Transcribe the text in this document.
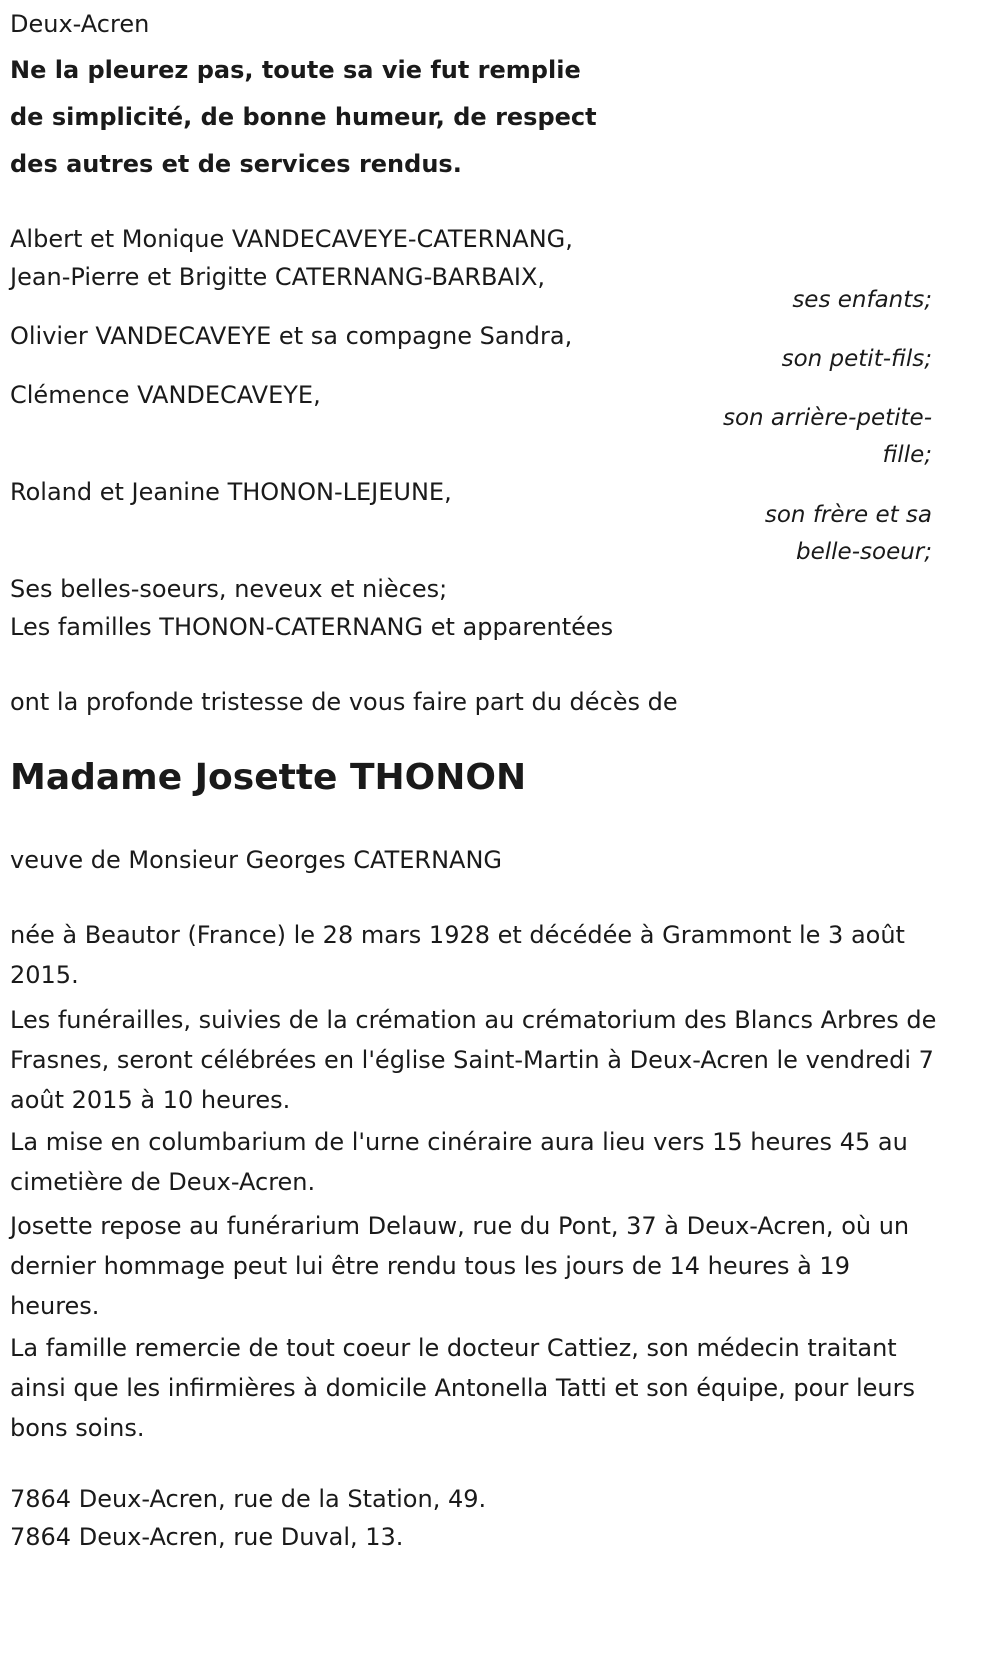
Deux-Acren
Ne la pleurez pas, toute sa vie fut remplie
de simplicité, de bonne humeur, de respect
des autres et de services rendus.
Albert et Monique VANDECAVEYE-CATERNANG,
Jean-Pierre et Brigitte CATERNANG-BARBAIX,
ses enfants;
Olivier VANDECAVEYE et sa compagne Sandra,
son petit-fils;
Clémence VANDECAVEYE,
son arrière-petite-
fille;
Roland et Jeanine THONON-LEJEUNE,
son frère et sa
belle-soeur;
Ses belles-soeurs, neveux et nièces;
Les familles THONON-CATERNANG et apparentées
ont la profonde tristesse de vous faire part du décès de
Madame Josette THONON
veuve de Monsieur Georges CATERNANG
née à Beautor (France) le 28 mars 1928 et décédée à Grammont le 3 août 2015.
Les funérailles, suivies de la crémation au crématorium des Blancs Arbres de Frasnes, seront célébrées en l'église Saint-Martin à Deux-Acren le vendredi 7 août 2015 à 10 heures.
La mise en columbarium de l'urne cinéraire aura lieu vers 15 heures 45 au cimetière de Deux-Acren.
Josette repose au funérarium Delauw, rue du Pont, 37 à Deux-Acren, où un dernier hommage peut lui être rendu tous les jours de 14 heures à 19 heures.
La famille remercie de tout coeur le docteur Cattiez, son médecin traitant ainsi que les infirmières à domicile Antonella Tatti et son équipe, pour leurs bons soins.
7864 Deux-Acren, rue de la Station, 49.
7864 Deux-Acren, rue Duval, 13.
